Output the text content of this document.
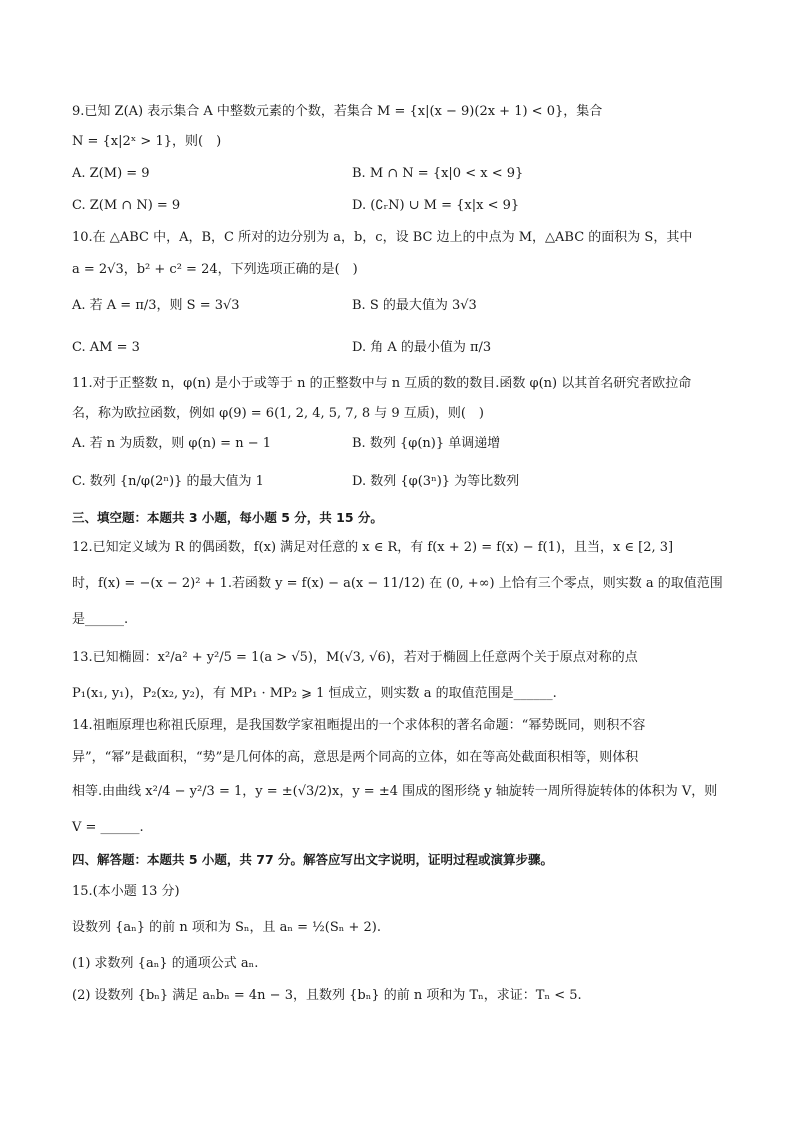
9.已知 Z(A) 表示集合 A 中整数元素的个数，若集合 M = {x|(x − 9)(2x + 1) < 0}，集合
N = {x|2ˣ > 1}，则(　)
A. Z(M) = 9	B. M ∩ N = {x|0 < x < 9}
C. Z(M ∩ N) = 9	D. (∁ᵣN) ∪ M = {x|x < 9}
10.在 △ABC 中，A，B，C 所对的边分别为 a，b，c，设 BC 边上的中点为 M，△ABC 的面积为 S，其中
a = 2√3，b² + c² = 24，下列选项正确的是(　)
A. 若 A = π/3，则 S = 3√3	B. S 的最大值为 3√3
C. AM = 3	D. 角 A 的最小值为 π/3
11.对于正整数 n，φ(n) 是小于或等于 n 的正整数中与 n 互质的数的数目.函数 φ(n) 以其首名研究者欧拉命
名，称为欧拉函数，例如 φ(9) = 6(1, 2, 4, 5, 7, 8 与 9 互质)，则(　)
A. 若 n 为质数，则 φ(n) = n − 1	B. 数列 {φ(n)} 单调递增
C. 数列 {n/φ(2ⁿ)} 的最大值为 1	D. 数列 {φ(3ⁿ)} 为等比数列
三、填空题：本题共 3 小题，每小题 5 分，共 15 分。
12.已知定义域为 R 的偶函数，f(x) 满足对任意的 x ∈ R，有 f(x + 2) = f(x) − f(1)，且当，x ∈ [2, 3]
时，f(x) = −(x − 2)² + 1.若函数 y = f(x) − a(x − 11/12) 在 (0, +∞) 上恰有三个零点，则实数 a 的取值范围
是______.
13.已知椭圆：x²/a² + y²/5 = 1(a > √5)，M(√3, √6)，若对于椭圆上任意两个关于原点对称的点
P₁(x₁, y₁)，P₂(x₂, y₂)，有 MP₁ · MP₂ ⩾ 1 恒成立，则实数 a 的取值范围是______.
14.祖暅原理也称祖氏原理，是我国数学家祖暅提出的一个求体积的著名命题：“幂势既同，则积不容
异”，“幂”是截面积，“势”是几何体的高，意思是两个同高的立体，如在等高处截面积相等，则体积
相等.由曲线 x²/4 − y²/3 = 1，y = ±(√3/2)x，y = ±4 围成的图形绕 y 轴旋转一周所得旋转体的体积为 V，则
V = ______.
四、解答题：本题共 5 小题，共 77 分。解答应写出文字说明，证明过程或演算步骤。
15.(本小题 13 分)
设数列 {aₙ} 的前 n 项和为 Sₙ，且 aₙ = ½(Sₙ + 2).
(1) 求数列 {aₙ} 的通项公式 aₙ.
(2) 设数列 {bₙ} 满足 aₙbₙ = 4n − 3，且数列 {bₙ} 的前 n 项和为 Tₙ，求证：Tₙ < 5.
